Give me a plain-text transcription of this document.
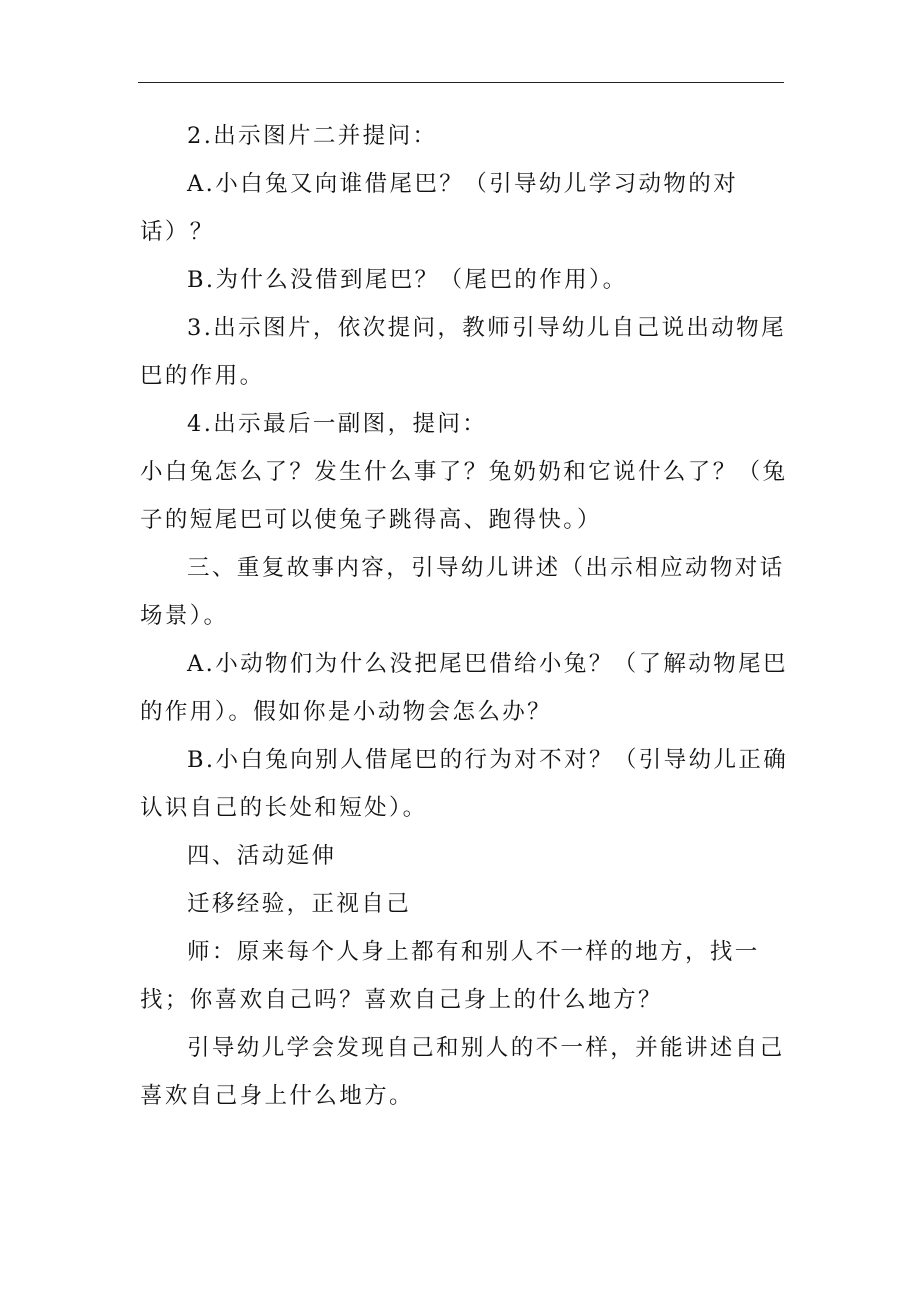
2.出示图片二并提问：

A.小白兔又向谁借尾巴？（引导幼儿学习动物的对话）？

B.为什么没借到尾巴？（尾巴的作用）。

3.出示图片，依次提问，教师引导幼儿自己说出动物尾巴的作用。

4.出示最后一副图，提问：

小白兔怎么了？发生什么事了？兔奶奶和它说什么了？（兔子的短尾巴可以使兔子跳得高、跑得快。）

三、重复故事内容，引导幼儿讲述（出示相应动物对话场景）。

A.小动物们为什么没把尾巴借给小兔？（了解动物尾巴的作用）。假如你是小动物会怎么办？

B.小白兔向别人借尾巴的行为对不对？（引导幼儿正确认识自己的长处和短处）。

四、活动延伸

迁移经验，正视自己

师：原来每个人身上都有和别人不一样的地方，找一找；你喜欢自己吗？喜欢自己身上的什么地方？

引导幼儿学会发现自己和别人的不一样，并能讲述自己喜欢自己身上什么地方。
